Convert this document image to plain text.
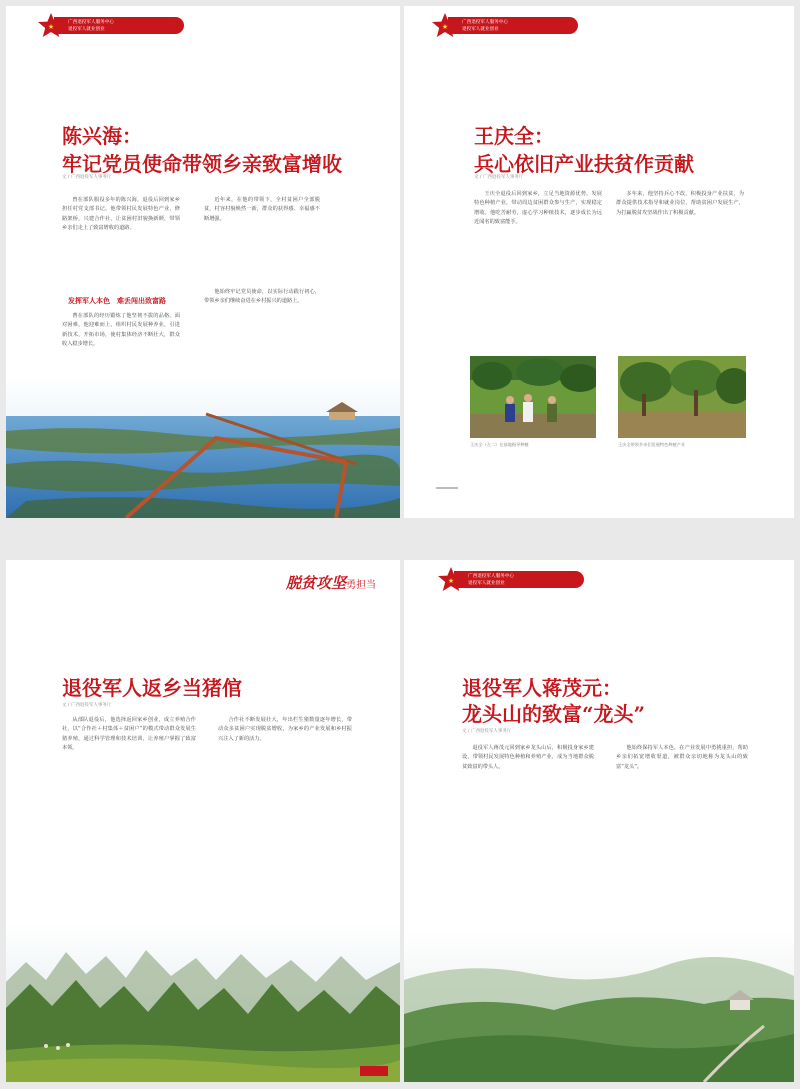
广西退役军人服务中心
退役军人就业创业
★
陈兴海：
牢记党员使命带领乡亲致富增收
文 / 广西退役军人事务厅
曾在部队服役多年的陈兴海，退役后回到家乡担任村党支部书记。他带领村民发展特色产业，修路架桥，兴建合作社，让贫困村旧貌换新颜，带领乡亲们走上了致富增收的道路。
发挥军人本色　难丢闯出致富路
曹在部队的经历锻炼了他坚韧不拔的品格。面对困难，他迎难而上，组织村民发展种养业，引进新技术，开拓市场，使村集体经济不断壮大，群众收入稳步增长。
近年来，在他的带领下，全村贫困户全部脱贫，村容村貌焕然一新，群众的获得感、幸福感不断增强。
他始终牢记党员使命，以实际行动践行初心，带领乡亲们继续奋进在乡村振兴的道路上。
广西退役军人服务中心
退役军人就业创业
★
王庆全：
兵心依旧产业扶贫作贡献
文 / 广西退役军人事务厅
王庆全退役后回到家乡，立足当地资源优势，发展特色种植产业，带动周边贫困群众参与生产，实现稳定增收。他吃苦耐劳，虚心学习种植技术，逐步成长为远近闻名的致富能手。
多年来，他坚持兵心不改，积极投身产业扶贫，为群众提供技术指导和就业岗位，帮助贫困户发展生产，为打赢脱贫攻坚战作出了积极贡献。
王庆全（左二）在基地指导种植	王庆全带领乡亲们发展特色种植产业
脱贫攻坚勇担当
退役军人返乡当猪倌
文 / 广西退役军人事务厅
从部队退役后，他选择返回家乡创业，成立养殖合作社，以“合作社＋村集体＋贫困户”的模式带动群众发展生猪养殖，通过科学管理和技术培训，让养殖户掌握了致富本领。
合作社不断发展壮大，年出栏生猪数量逐年增长，带动众多贫困户实现脱贫增收，为家乡的产业发展和乡村振兴注入了新的活力。
广西退役军人服务中心
退役军人就业创业
★
退役军人蒋茂元：
龙头山的致富“龙头”
文 / 广西退役军人事务厅
退役军人蒋茂元回到家乡龙头山后，积极投身家乡建设，带领村民发展特色种植和养殖产业，成为当地群众脱贫致富的带头人。
他始终保持军人本色，在产业发展中勇挑重担，帮助乡亲们拓宽增收渠道，被群众亲切地称为龙头山的致富“龙头”。
